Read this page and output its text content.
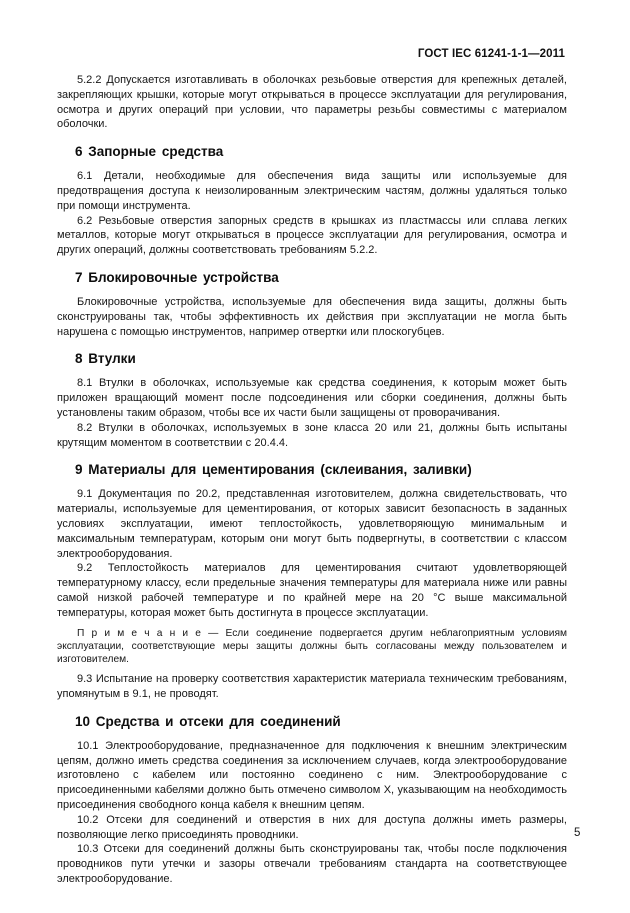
ГОСТ IEC 61241-1-1—2011

5.2.2 Допускается изготавливать в оболочках резьбовые отверстия для крепежных деталей, закрепляющих крышки, которые могут открываться в процессе эксплуатации для регулирования, осмотра и других операций при условии, что параметры резьбы совместимы с материалом оболочки.

6 Запорные средства

6.1 Детали, необходимые для обеспечения вида защиты или используемые для предотвращения доступа к неизолированным электрическим частям, должны удаляться только при помощи инструмента.

6.2 Резьбовые отверстия запорных средств в крышках из пластмассы или сплава легких металлов, которые могут открываться в процессе эксплуатации для регулирования, осмотра и других операций, должны соответствовать требованиям 5.2.2.

7 Блокировочные устройства

Блокировочные устройства, используемые для обеспечения вида защиты, должны быть сконструированы так, чтобы эффективность их действия при эксплуатации не могла быть нарушена с помощью инструментов, например отвертки или плоскогубцев.

8 Втулки

8.1 Втулки в оболочках, используемые как средства соединения, к которым может быть приложен вращающий момент после подсоединения или сборки соединения, должны быть установлены таким образом, чтобы все их части были защищены от проворачивания.

8.2 Втулки в оболочках, используемых в зоне класса 20 или 21, должны быть испытаны крутящим моментом в соответствии с 20.4.4.

9 Материалы для цементирования (склеивания, заливки)

9.1 Документация по 20.2, представленная изготовителем, должна свидетельствовать, что материалы, используемые для цементирования, от которых зависит безопасность в заданных условиях эксплуатации, имеют теплостойкость, удовлетворяющую минимальным и максимальным температурам, которым они могут быть подвергнуты, в соответствии с классом электрооборудования.

9.2 Теплостойкость материалов для цементирования считают удовлетворяющей температурному классу, если предельные значения температуры для материала ниже или равны самой низкой рабочей температуре и по крайней мере на 20 °С выше максимальной температуры, которая может быть достигнута в процессе эксплуатации.

П р и м е ч а н и е — Если соединение подвергается другим неблагоприятным условиям эксплуатации, соответствующие меры защиты должны быть согласованы между пользователем и изготовителем.

9.3 Испытание на проверку соответствия характеристик материала техническим требованиям, упомянутым в 9.1, не проводят.

10 Средства и отсеки для соединений

10.1 Электрооборудование, предназначенное для подключения к внешним электрическим цепям, должно иметь средства соединения за исключением случаев, когда электрооборудование изготовлено с кабелем или постоянно соединено с ним. Электрооборудование с присоединенными кабелями должно быть отмечено символом X, указывающим на необходимость присоединения свободного конца кабеля к внешним цепям.

10.2 Отсеки для соединений и отверстия в них для доступа должны иметь размеры, позволяющие легко присоединять проводники.

10.3 Отсеки для соединений должны быть сконструированы так, чтобы после подключения проводников пути утечки и зазоры отвечали требованиям стандарта на соответствующее электрооборудование.

5
